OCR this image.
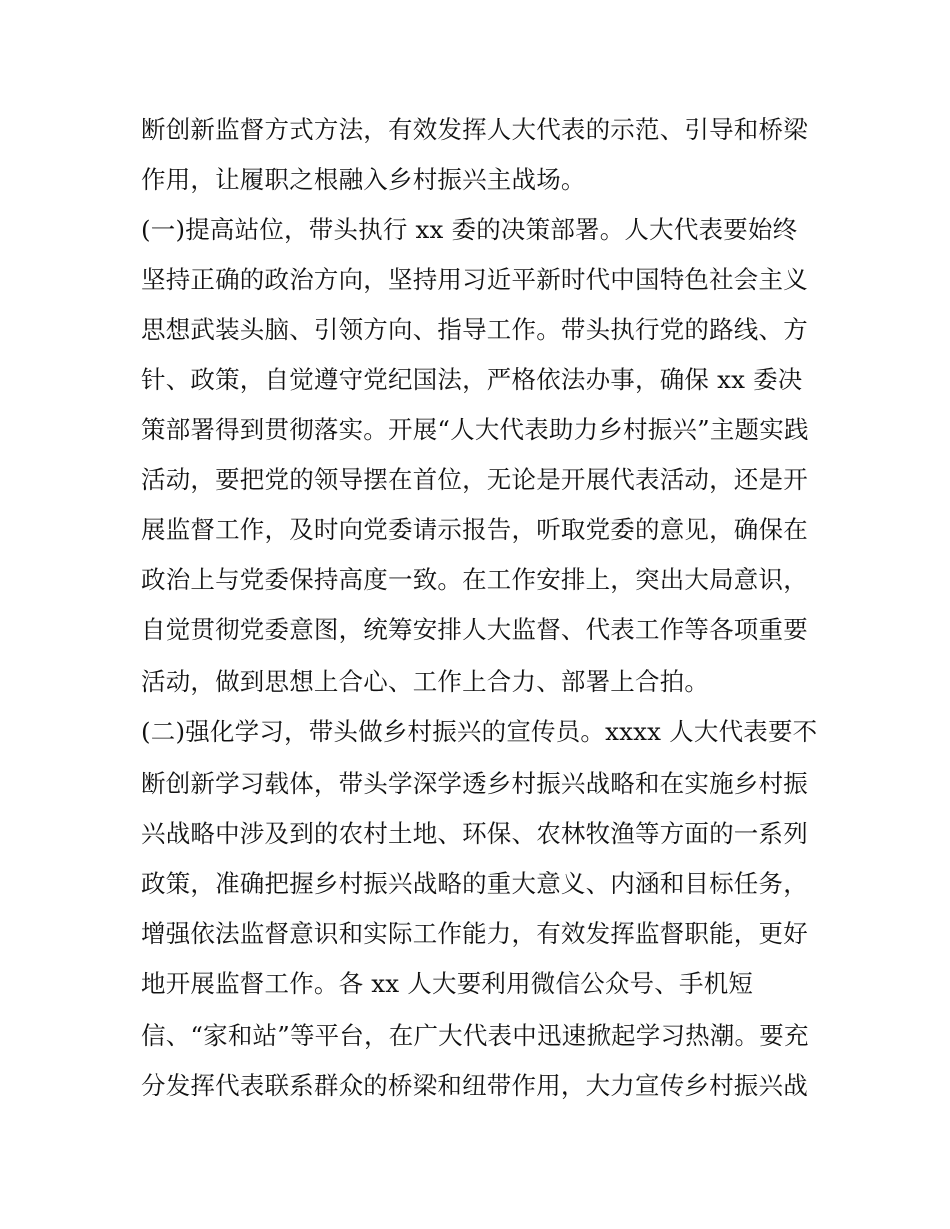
断创新监督方式方法，有效发挥人大代表的示范、引导和桥梁
作用，让履职之根融入乡村振兴主战场。
(一)提高站位，带头执行 xx 委的决策部署。人大代表要始终
坚持正确的政治方向，坚持用习近平新时代中国特色社会主义
思想武装头脑、引领方向、指导工作。带头执行党的路线、方
针、政策，自觉遵守党纪国法，严格依法办事，确保 xx 委决
策部署得到贯彻落实。开展“人大代表助力乡村振兴”主题实践
活动，要把党的领导摆在首位，无论是开展代表活动，还是开
展监督工作，及时向党委请示报告，听取党委的意见，确保在
政治上与党委保持高度一致。在工作安排上，突出大局意识，
自觉贯彻党委意图，统筹安排人大监督、代表工作等各项重要
活动，做到思想上合心、工作上合力、部署上合拍。
(二)强化学习，带头做乡村振兴的宣传员。xxxx 人大代表要不
断创新学习载体，带头学深学透乡村振兴战略和在实施乡村振
兴战略中涉及到的农村土地、环保、农林牧渔等方面的一系列
政策，准确把握乡村振兴战略的重大意义、内涵和目标任务，
增强依法监督意识和实际工作能力，有效发挥监督职能，更好
地开展监督工作。各 xx 人大要利用微信公众号、手机短
信、“家和站”等平台，在广大代表中迅速掀起学习热潮。要充
分发挥代表联系群众的桥梁和纽带作用，大力宣传乡村振兴战
